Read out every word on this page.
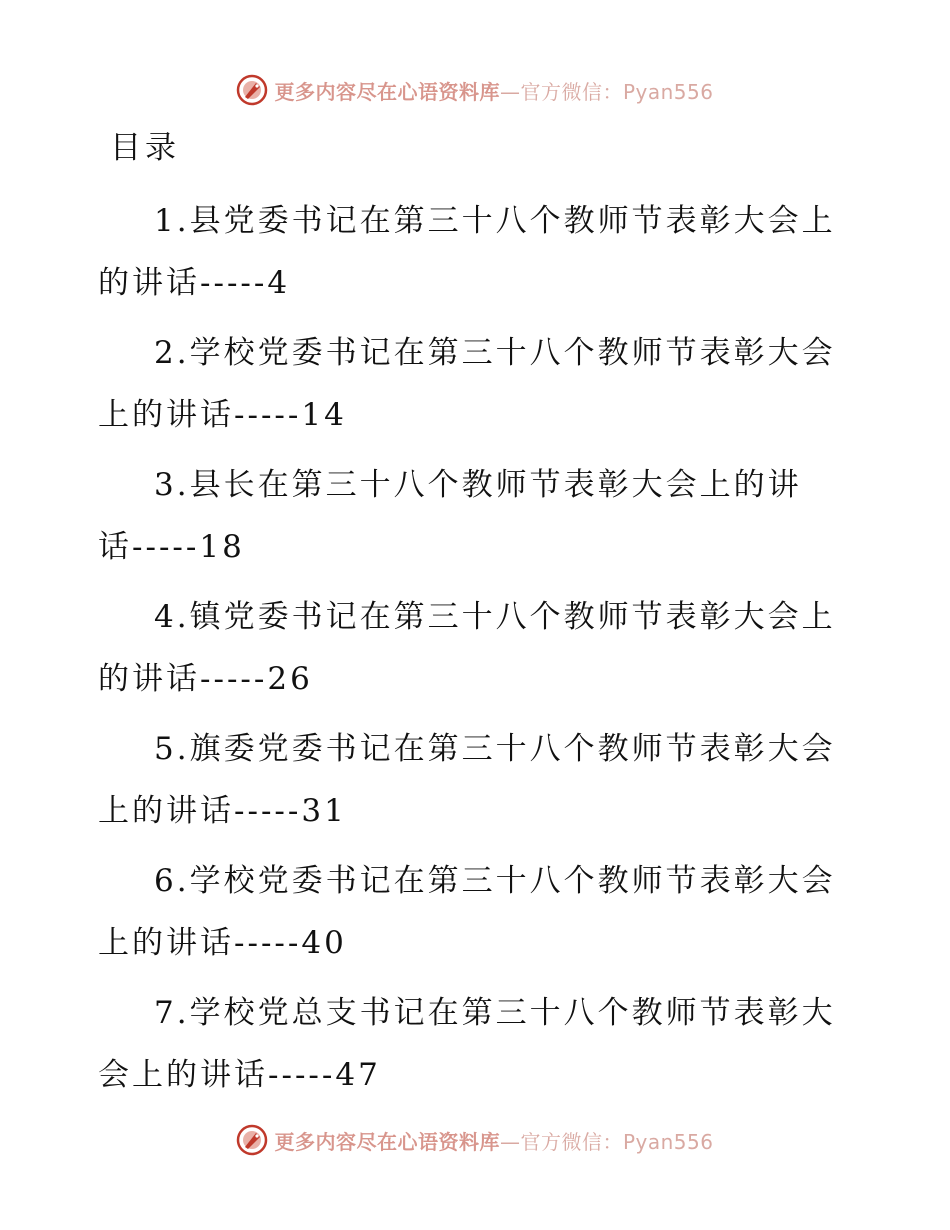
更多内容尽在心语资料库—官方微信：Pyan556
目录
1.县党委书记在第三十八个教师节表彰大会上的讲话-----4
2.学校党委书记在第三十八个教师节表彰大会上的讲话-----14
3.县长在第三十八个教师节表彰大会上的讲话-----18
4.镇党委书记在第三十八个教师节表彰大会上的讲话-----26
5.旗委党委书记在第三十八个教师节表彰大会上的讲话-----31
6.学校党委书记在第三十八个教师节表彰大会上的讲话-----40
7.学校党总支书记在第三十八个教师节表彰大会上的讲话-----47
更多内容尽在心语资料库—官方微信：Pyan556
